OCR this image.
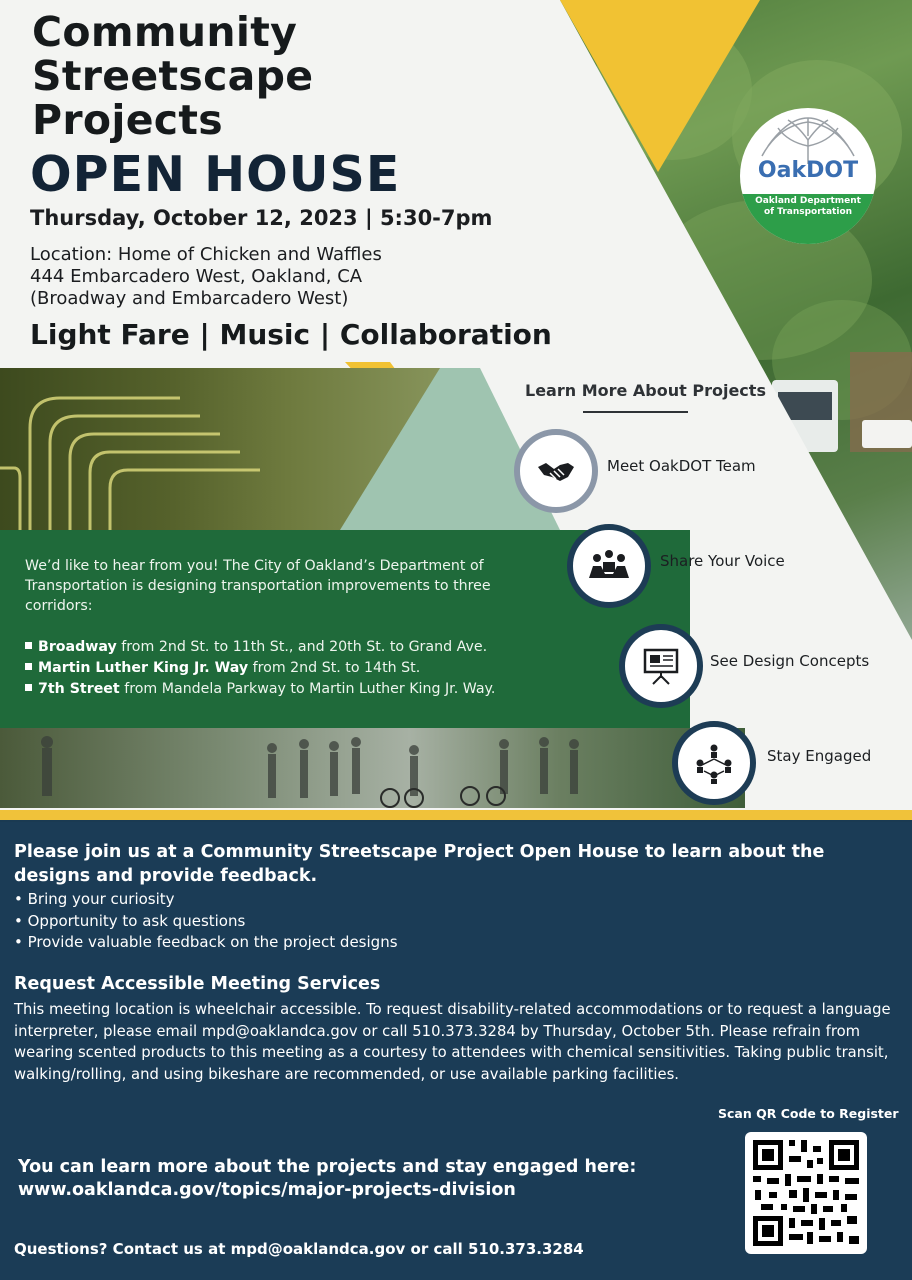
Community
Streetscape
Projects
OPEN HOUSE
Thursday, October 12, 2023 | 5:30-7pm
Location: Home of Chicken and Waffles
444 Embarcadero West, Oakland, CA
(Broadway and Embarcadero West)
Light Fare | Music | Collaboration
OakDOT
Oakland Department
of Transportation
Learn More About Projects
Meet OakDOT Team
Share Your Voice
See Design Concepts
Stay Engaged
We’d like to hear from you! The City of Oakland’s Department of Transportation is designing transportation improvements to three corridors:
Broadway from 2nd St. to 11th St., and 20th St. to Grand Ave.
Martin Luther King Jr. Way from 2nd St. to 14th St.
7th Street from Mandela Parkway to Martin Luther King Jr. Way.
Please join us at a Community Streetscape Project Open House to learn about the designs and provide feedback.
• Bring your curiosity
• Opportunity to ask questions
• Provide valuable feedback on the project designs
Request Accessible Meeting Services
This meeting location is wheelchair accessible. To request disability-related accommodations or to request a language interpreter, please email mpd@oaklandca.gov or call 510.373.3284 by Thursday, October 5th. Please refrain from wearing scented products to this meeting as a courtesy to attendees with chemical sensitivities. Taking public transit, walking/rolling, and using bikeshare are recommended, or use available parking facilities.
Scan QR Code to Register
You can learn more about the projects and stay engaged here:
www.oaklandca.gov/topics/major-projects-division
Questions? Contact us at mpd@oaklandca.gov or call 510.373.3284
